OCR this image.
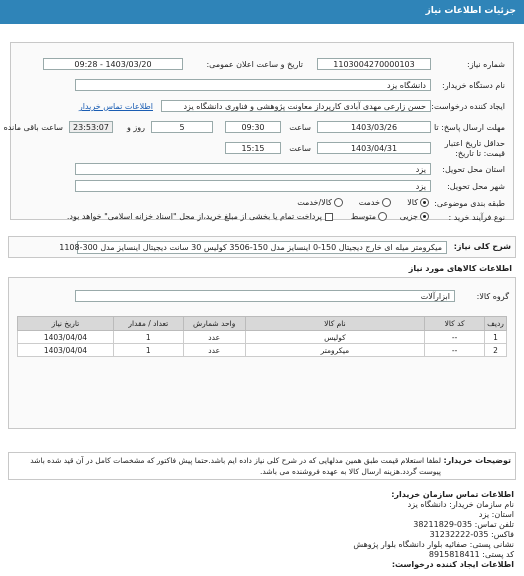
جزئیات اطلاعات نیاز
شماره نیاز:
1103004270000103
تاریخ و ساعت اعلان عمومی:
1403/03/20 - 09:28
نام دستگاه خریدار:
دانشگاه یزد
ایجاد کننده درخواست:
حسن زارعی مهدی آبادی کارپرداز معاونت پژوهشی و فناوری دانشگاه یزد
اطلاعات تماس خریدار
مهلت ارسال پاسخ: تا
1403/03/26
ساعت
09:30
5
روز و
23:53:07
ساعت باقی مانده
حداقل تاریخ اعتبار
قیمت: تا تاریخ:
1403/04/31
ساعت
15:15
استان محل تحویل:
یزد
شهر محل تحویل:
یزد
طبقه بندی موضوعی:
کالا
خدمت
کالا/خدمت
نوع فرآیند خرید :
جزیی
متوسط
پرداخت تمام یا بخشی از مبلغ خرید،از محل "اسناد خزانه اسلامی" خواهد بود.
شرح کلی نیاز:
میکرومتر میله ای خارج دیجیتال 150-0 اینسایز مدل 150-3506 کولیس 30 سانت دیجیتال اینسایز مدل 300-1108
اطلاعات کالاهای مورد نیاز
گروه کالا:
ابزارآلات
ردیف	کد کالا	نام کالا	واحد شمارش	تعداد / مقدار	تاریخ نیاز
1	--	کولیس	عدد	1	1403/04/04
2	--	میکرومتر	عدد	1	1403/04/04
توضیحات خریدار:
لطفا استعلام قیمت طبق همین مدلهایی که در شرح کلی نیاز داده ایم باشد.حتما پیش فاکتور که مشخصات کامل در آن قید شده باشد پیوست گردد.هزینه ارسال کالا به عهده فروشنده می باشد.
اطلاعات تماس سازمان خریدار:
نام سازمان خریدار: دانشگاه یزد
استان: یزد
تلفن تماس: 035-38211829
فاکس: 035-31232222
نشانی پستی: صفائیه بلوار دانشگاه بلوار پژوهش
کد پستی: 8915818411
اطلاعات ایجاد کننده درخواست:
